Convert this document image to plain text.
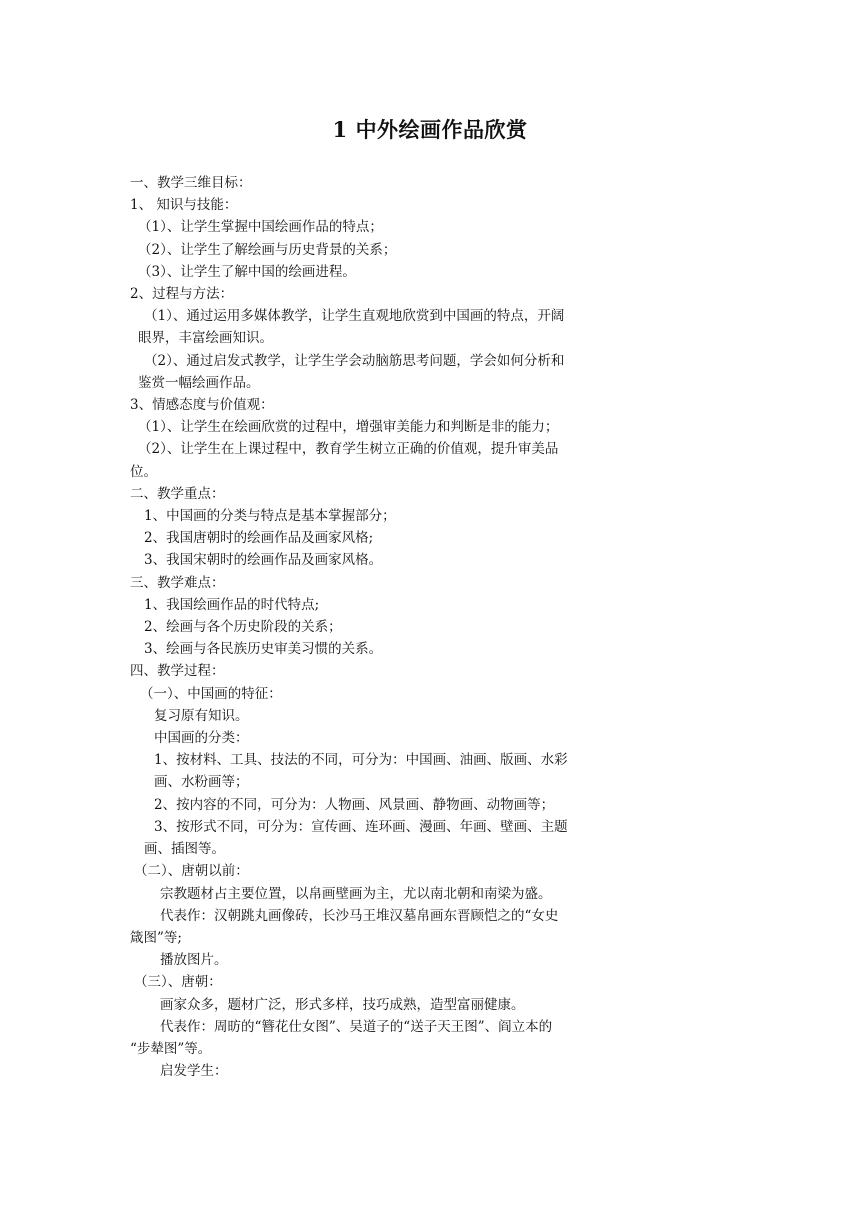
1 中外绘画作品欣赏
一、教学三维目标：
1、 知识与技能：
（1）、让学生掌握中国绘画作品的特点；
（2）、让学生了解绘画与历史背景的关系；
（3）、让学生了解中国的绘画进程。
2、过程与方法：
（1）、通过运用多媒体教学，让学生直观地欣赏到中国画的特点，开阔
眼界，丰富绘画知识。
（2）、通过启发式教学，让学生学会动脑筋思考问题，学会如何分析和
鉴赏一幅绘画作品。
3、情感态度与价值观：
（1）、让学生在绘画欣赏的过程中，增强审美能力和判断是非的能力；
（2）、让学生在上课过程中，教育学生树立正确的价值观，提升审美品
位。
二、教学重点：
1、中国画的分类与特点是基本掌握部分；
2、我国唐朝时的绘画作品及画家风格;
3、我国宋朝时的绘画作品及画家风格。
三、教学难点：
1、我国绘画作品的时代特点;
2、绘画与各个历史阶段的关系；
3、绘画与各民族历史审美习惯的关系。
四、教学过程：
（一）、中国画的特征：
复习原有知识。
中国画的分类：
1、按材料、工具、技法的不同，可分为：中国画、油画、版画、水彩
画、水粉画等；
2、按内容的不同，可分为：人物画、风景画、静物画、动物画等；
3、按形式不同，可分为：宣传画、连环画、漫画、年画、壁画、主题
画、插图等。
（二）、唐朝以前：
宗教题材占主要位置，以帛画壁画为主，尤以南北朝和南梁为盛。
代表作：汉朝跳丸画像砖，长沙马王堆汉墓帛画东晋顾恺之的“女史
箴图”等;
播放图片。
（三）、唐朝：
画家众多，题材广泛，形式多样，技巧成熟，造型富丽健康。
代表作：周昉的“簪花仕女图”、吴道子的“送子天王图”、阎立本的
“步辇图”等。
启发学生：
